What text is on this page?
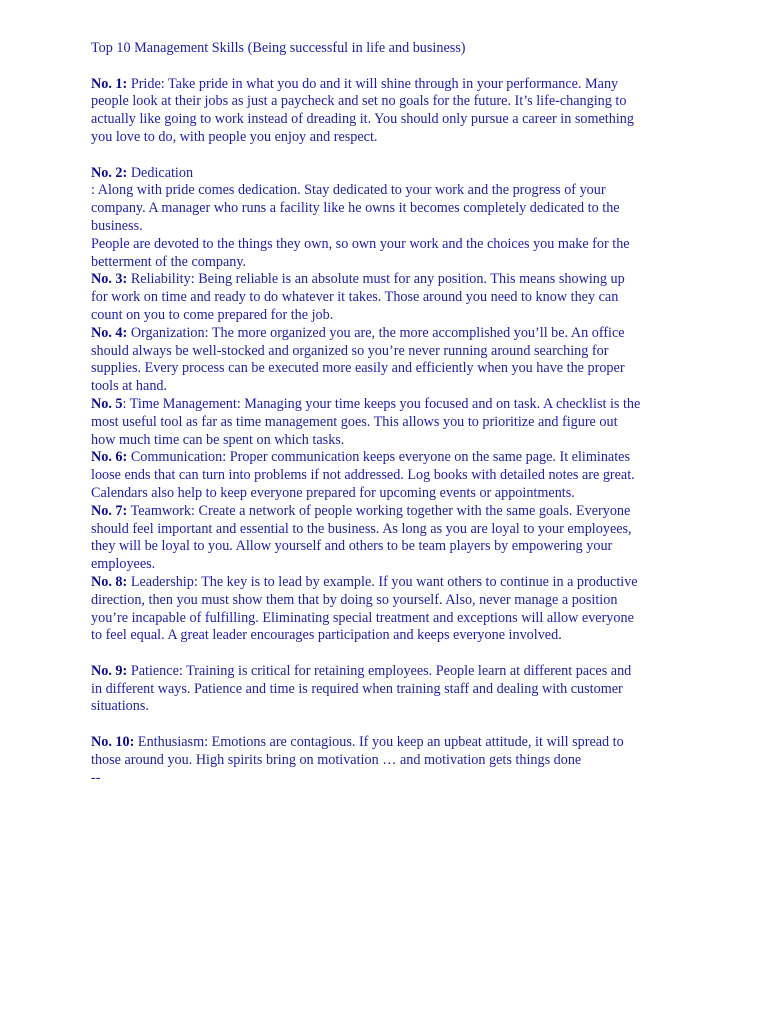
Top 10 Management Skills (Being successful in life and business)
No. 1: Pride: Take pride in what you do and it will shine through in your performance. Many
people look at their jobs as just a paycheck and set no goals for the future. It’s life-changing to
actually like going to work instead of dreading it. You should only pursue a career in something
you love to do, with people you enjoy and respect.
No. 2: Dedication
: Along with pride comes dedication. Stay dedicated to your work and the progress of your
company. A manager who runs a facility like he owns it becomes completely dedicated to the
business.
People are devoted to the things they own, so own your work and the choices you make for the
betterment of the company.
No. 3: Reliability: Being reliable is an absolute must for any position. This means showing up
for work on time and ready to do whatever it takes. Those around you need to know they can
count on you to come prepared for the job.
No. 4: Organization: The more organized you are, the more accomplished you’ll be. An office
should always be well-stocked and organized so you’re never running around searching for
supplies. Every process can be executed more easily and efficiently when you have the proper
tools at hand.
No. 5: Time Management: Managing your time keeps you focused and on task. A checklist is the
most useful tool as far as time management goes. This allows you to prioritize and figure out
how much time can be spent on which tasks.
No. 6: Communication: Proper communication keeps everyone on the same page. It eliminates
loose ends that can turn into problems if not addressed. Log books with detailed notes are great.
Calendars also help to keep everyone prepared for upcoming events or appointments.
No. 7: Teamwork: Create a network of people working together with the same goals. Everyone
should feel important and essential to the business. As long as you are loyal to your employees,
they will be loyal to you. Allow yourself and others to be team players by empowering your
employees.
No. 8: Leadership: The key is to lead by example. If you want others to continue in a productive
direction, then you must show them that by doing so yourself. Also, never manage a position
you’re incapable of fulfilling. Eliminating special treatment and exceptions will allow everyone
to feel equal. A great leader encourages participation and keeps everyone involved.
No. 9: Patience: Training is critical for retaining employees. People learn at different paces and
in different ways. Patience and time is required when training staff and dealing with customer
situations.
No. 10: Enthusiasm: Emotions are contagious. If you keep an upbeat attitude, it will spread to
those around you. High spirits bring on motivation … and motivation gets things done
--
